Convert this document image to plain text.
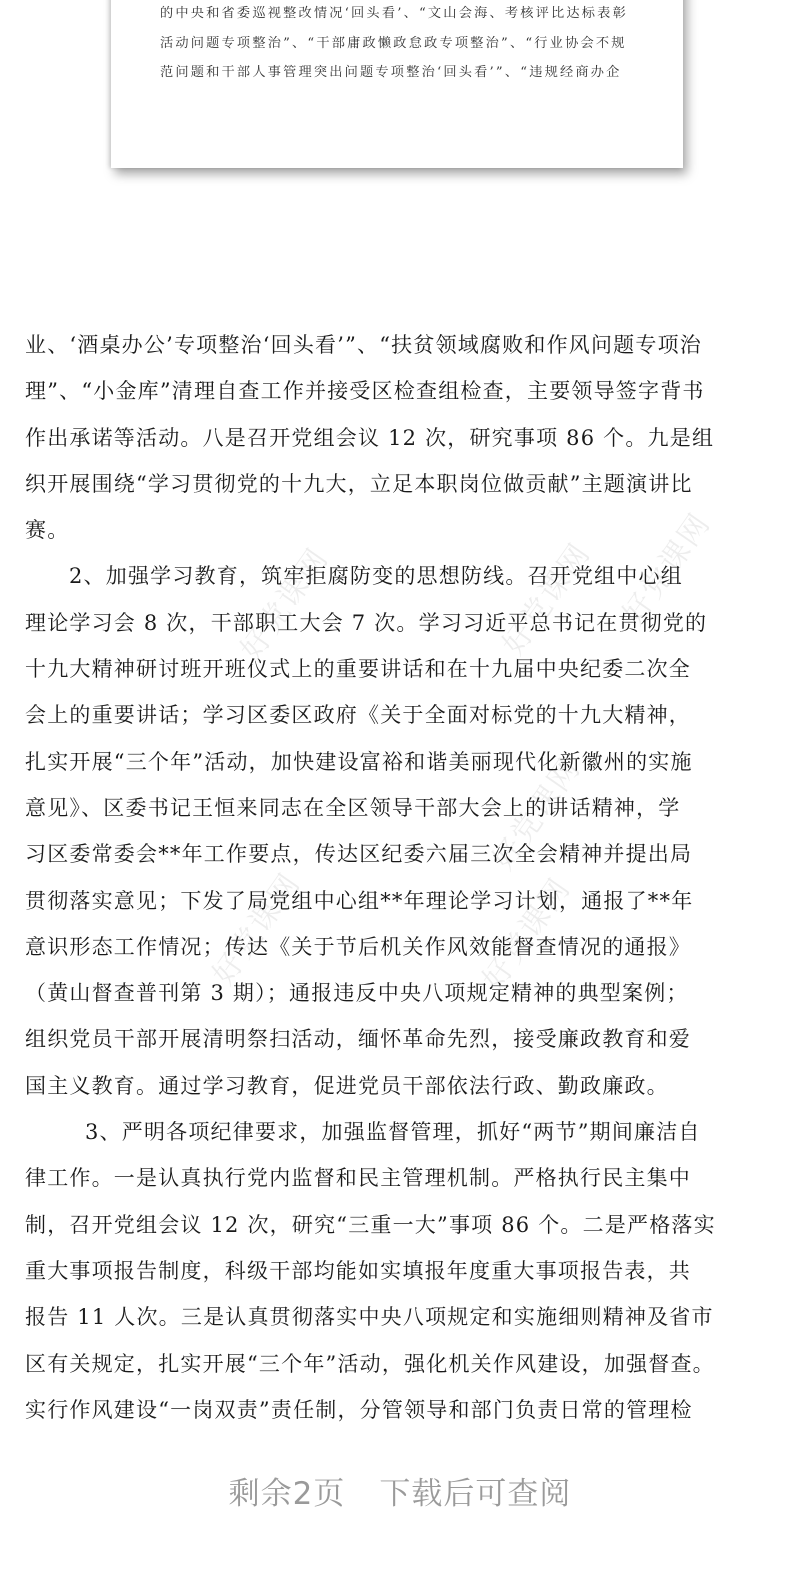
的中央和省委巡视整改情况‘回头看’、“文山会海、考核评比达标表彰
活动问题专项整治”、“干部庸政懒政怠政专项整治”、“行业协会不规
范问题和干部人事管理突出问题专项整治‘回头看’”、“违规经商办企
好党课网	好党课网 好党课网
好党课网
好党课网	好党课网
业、‘酒桌办公’专项整治‘回头看’”、“扶贫领域腐败和作风问题专项治
理”、“小金库”清理自查工作并接受区检查组检查，主要领导签字背书
作出承诺等活动。八是召开党组会议 12 次，研究事项 86 个。九是组
织开展围绕“学习贯彻党的十九大，立足本职岗位做贡献”主题演讲比
赛。
2、加强学习教育，筑牢拒腐防变的思想防线。召开党组中心组
理论学习会 8 次，干部职工大会 7 次。学习习近平总书记在贯彻党的
十九大精神研讨班开班仪式上的重要讲话和在十九届中央纪委二次全
会上的重要讲话；学习区委区政府《关于全面对标党的十九大精神，
扎实开展“三个年”活动，加快建设富裕和谐美丽现代化新徽州的实施
意见》、区委书记王恒来同志在全区领导干部大会上的讲话精神，学
习区委常委会**年工作要点，传达区纪委六届三次全会精神并提出局
贯彻落实意见；下发了局党组中心组**年理论学习计划，通报了**年
意识形态工作情况；传达《关于节后机关作风效能督查情况的通报》
（黄山督查普刊第 3 期）；通报违反中央八项规定精神的典型案例；
组织党员干部开展清明祭扫活动，缅怀革命先烈，接受廉政教育和爱
国主义教育。通过学习教育，促进党员干部依法行政、勤政廉政。
3、严明各项纪律要求，加强监督管理，抓好“两节”期间廉洁自
律工作。一是认真执行党内监督和民主管理机制。严格执行民主集中
制，召开党组会议 12 次，研究“三重一大”事项 86 个。二是严格落实
重大事项报告制度，科级干部均能如实填报年度重大事项报告表，共
报告 11 人次。三是认真贯彻落实中央八项规定和实施细则精神及省市
区有关规定，扎实开展“三个年”活动，强化机关作风建设，加强督查。
实行作风建设“一岗双责”责任制，分管领导和部门负责日常的管理检
剩余2页 下载后可查阅
